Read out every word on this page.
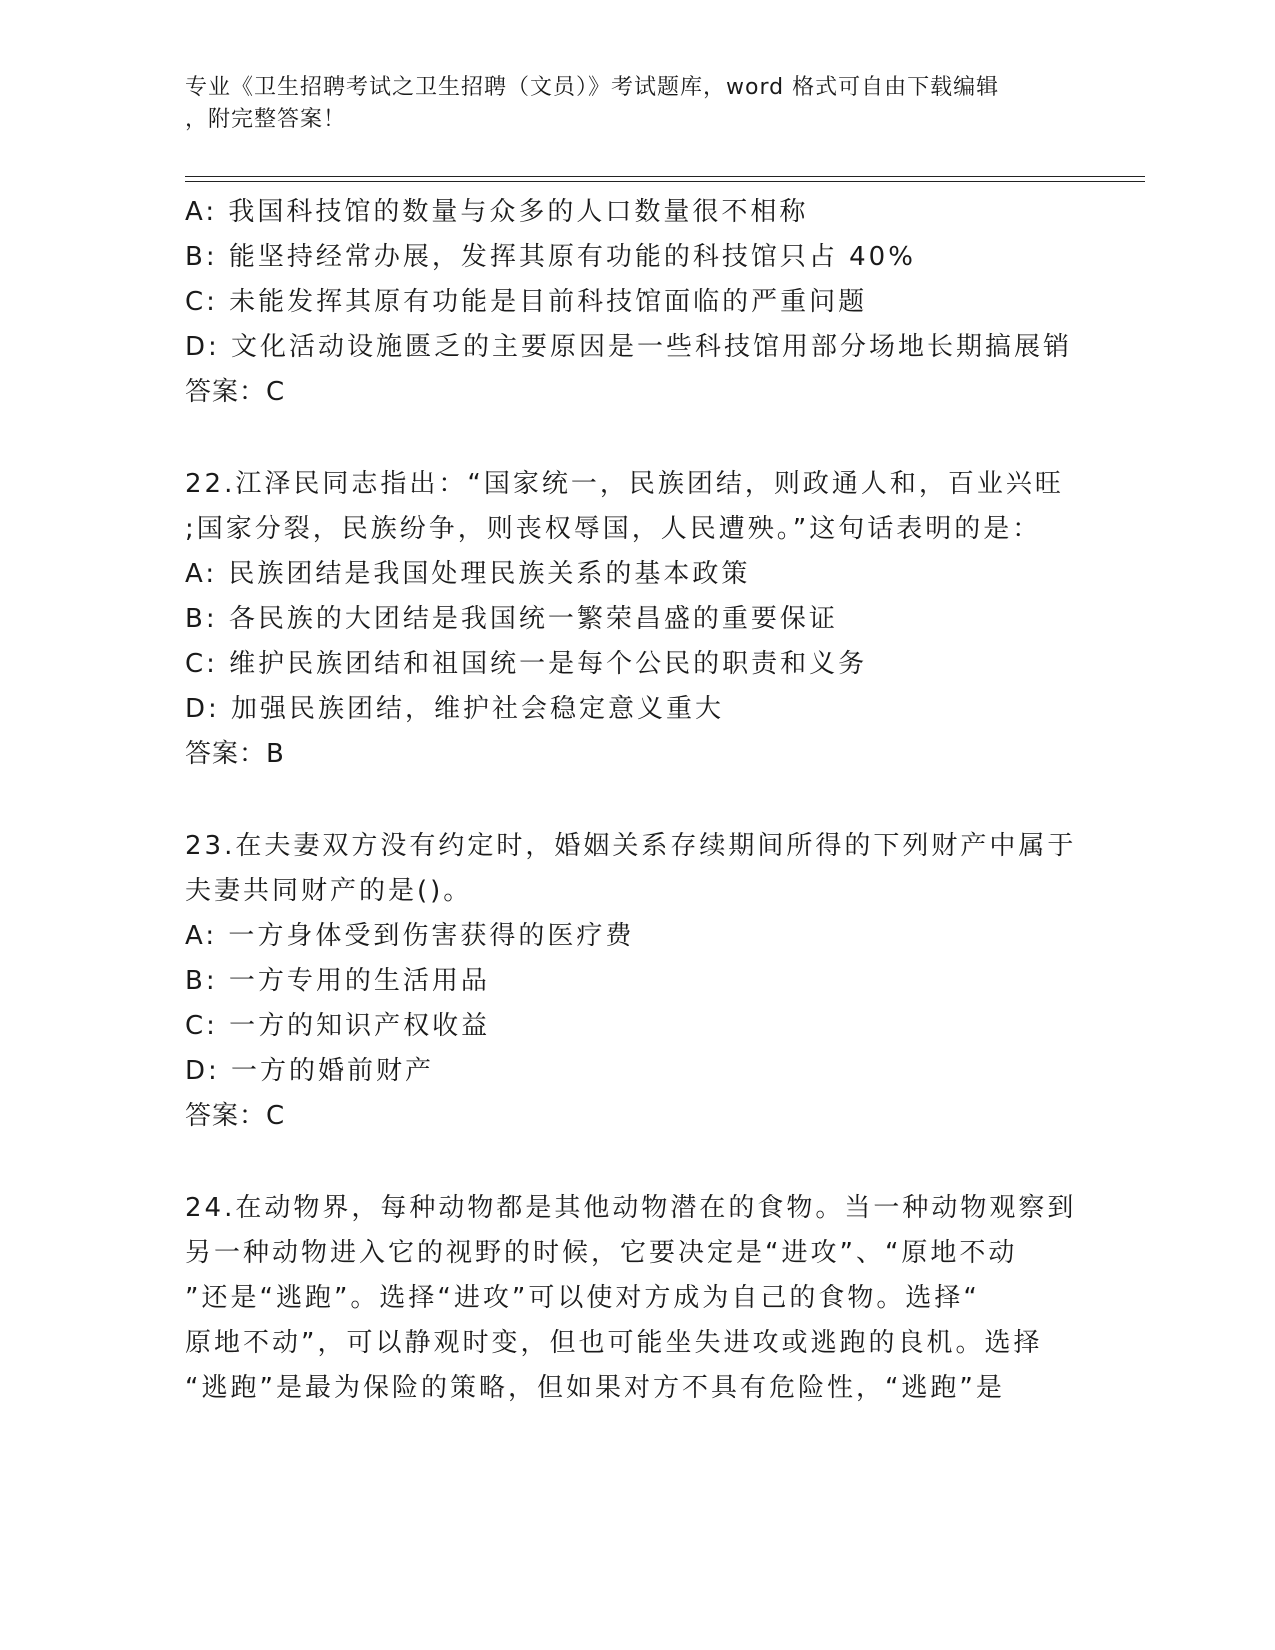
专业《卫生招聘考试之卫生招聘（文员）》考试题库，word 格式可自由下载编辑
，附完整答案！
A: 我国科技馆的数量与众多的人口数量很不相称
B: 能坚持经常办展，发挥其原有功能的科技馆只占 40%
C: 未能发挥其原有功能是目前科技馆面临的严重问题
D: 文化活动设施匮乏的主要原因是一些科技馆用部分场地长期搞展销
答案：C
22.江泽民同志指出：“国家统一，民族团结，则政通人和，百业兴旺
;国家分裂，民族纷争，则丧权辱国，人民遭殃。”这句话表明的是：
A: 民族团结是我国处理民族关系的基本政策
B: 各民族的大团结是我国统一繁荣昌盛的重要保证
C: 维护民族团结和祖国统一是每个公民的职责和义务
D: 加强民族团结，维护社会稳定意义重大
答案：B
23.在夫妻双方没有约定时，婚姻关系存续期间所得的下列财产中属于
夫妻共同财产的是()。
A: 一方身体受到伤害获得的医疗费
B: 一方专用的生活用品
C: 一方的知识产权收益
D: 一方的婚前财产
答案：C
24.在动物界，每种动物都是其他动物潜在的食物。当一种动物观察到
另一种动物进入它的视野的时候，它要决定是“进攻”、“原地不动
”还是“逃跑”。选择“进攻”可以使对方成为自己的食物。选择“
原地不动”，可以静观时变，但也可能坐失进攻或逃跑的良机。选择
“逃跑”是最为保险的策略，但如果对方不具有危险性，“逃跑”是
